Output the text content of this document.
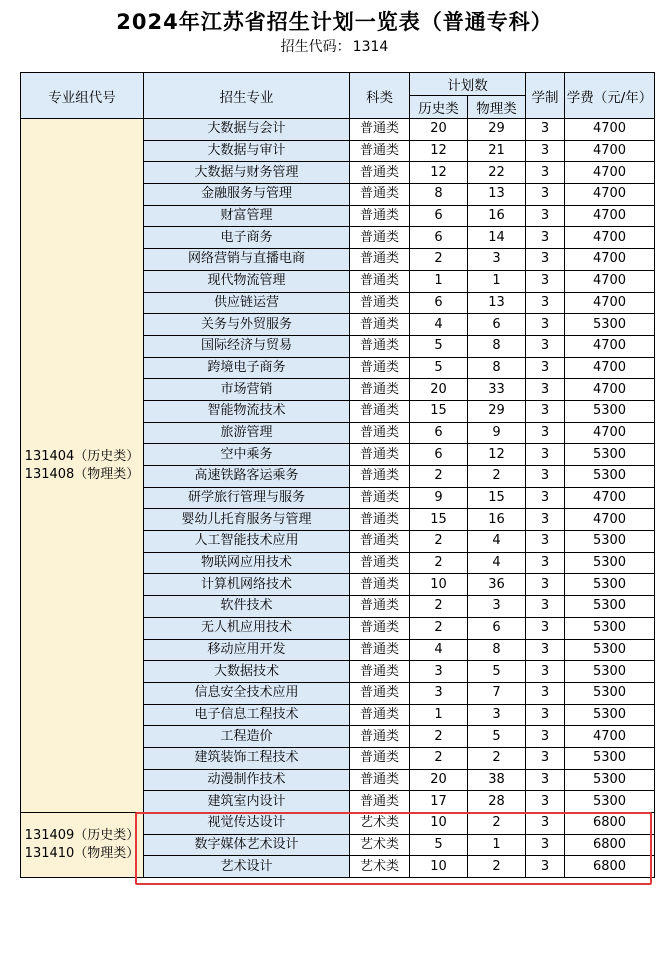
2024年江苏省招生计划一览表（普通专科）
招生代码： 1314
专业组代号	招生专业	科类	计划数		学制	学费（元/年）
			历史类	物理类		

131404（历史类）
131408（物理类）	大数据与会计	普通类	20	29	3	4700
	大数据与审计	普通类	12	21	3	4700
	大数据与财务管理	普通类	12	22	3	4700
	金融服务与管理	普通类	8	13	3	4700
	财富管理	普通类	6	16	3	4700
	电子商务	普通类	6	14	3	4700
	网络营销与直播电商	普通类	2	3	3	4700
	现代物流管理	普通类	1	1	3	4700
	供应链运营	普通类	6	13	3	4700
	关务与外贸服务	普通类	4	6	3	5300
	国际经济与贸易	普通类	5	8	3	4700
	跨境电子商务	普通类	5	8	3	4700
	市场营销	普通类	20	33	3	4700
	智能物流技术	普通类	15	29	3	5300
	旅游管理	普通类	6	9	3	4700
	空中乘务	普通类	6	12	3	5300
	高速铁路客运乘务	普通类	2	2	3	5300
	研学旅行管理与服务	普通类	9	15	3	4700
	婴幼儿托育服务与管理	普通类	15	16	3	4700
	人工智能技术应用	普通类	2	4	3	5300
	物联网应用技术	普通类	2	4	3	5300
	计算机网络技术	普通类	10	36	3	5300
	软件技术	普通类	2	3	3	5300
	无人机应用技术	普通类	2	6	3	5300
	移动应用开发	普通类	4	8	3	5300
	大数据技术	普通类	3	5	3	5300
	信息安全技术应用	普通类	3	7	3	5300
	电子信息工程技术	普通类	1	3	3	5300
	工程造价	普通类	2	5	3	4700
	建筑装饰工程技术	普通类	2	2	3	5300
	动漫制作技术	普通类	20	38	3	5300
	建筑室内设计	普通类	17	28	3	5300

131409（历史类）
131410（物理类）	视觉传达设计	艺术类	10	2	3	6800
	数字媒体艺术设计	艺术类	5	1	3	6800
	艺术设计	艺术类	10	2	3	6800
